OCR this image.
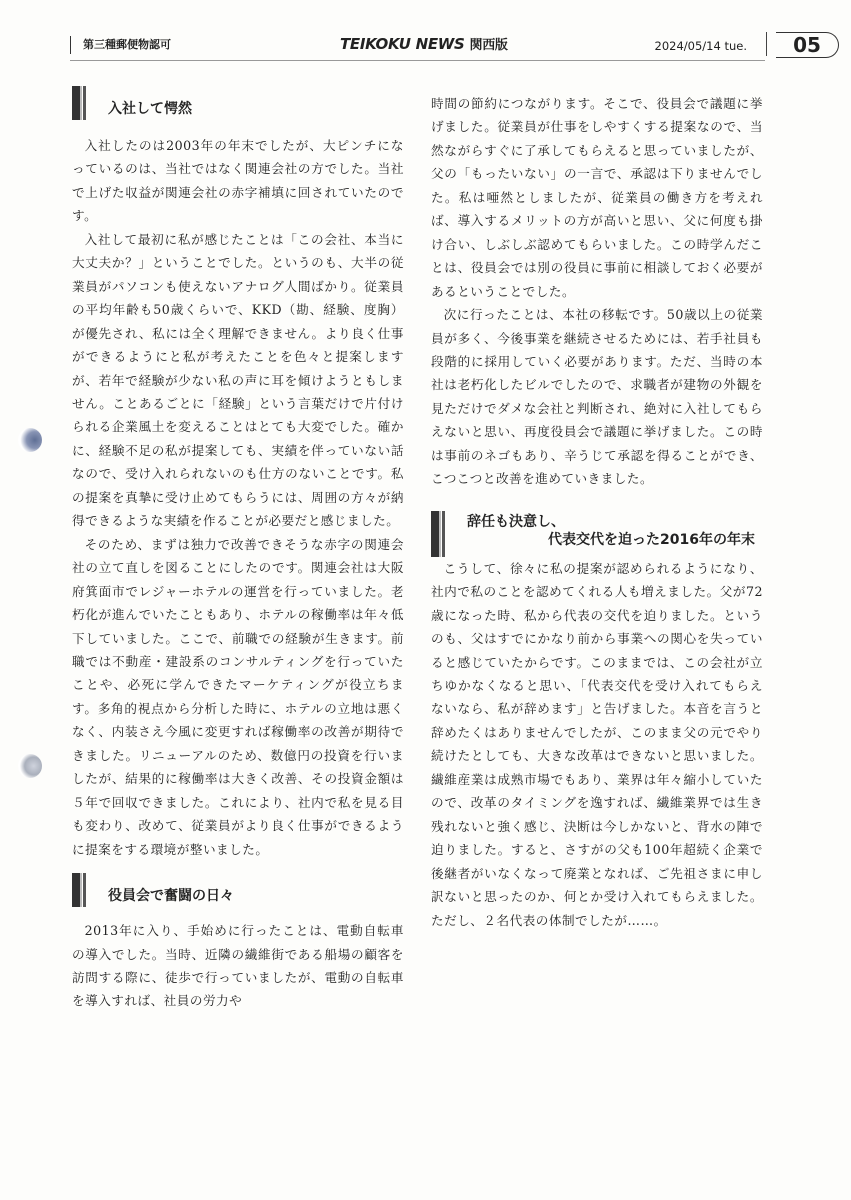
第三種郵便物認可	TEIKOKU NEWS 関西版	2024/05/14 tue.	05
入社して愕然

入社したのは2003年の年末でしたが、大ピンチになっているのは、当社ではなく関連会社の方でした。当社で上げた収益が関連会社の赤字補填に回されていたのです。

入社して最初に私が感じたことは「この会社、本当に大丈夫か？」ということでした。というのも、大半の従業員がパソコンも使えないアナログ人間ばかり。従業員の平均年齢も50歳くらいで、KKD（勘、経験、度胸）が優先され、私には全く理解できません。より良く仕事ができるようにと私が考えたことを色々と提案しますが、若年で経験が少ない私の声に耳を傾けようともしません。ことあるごとに「経験」という言葉だけで片付けられる企業風土を変えることはとても大変でした。確かに、経験不足の私が提案しても、実績を伴っていない話なので、受け入れられないのも仕方のないことです。私の提案を真摯に受け止めてもらうには、周囲の方々が納得できるような実績を作ることが必要だと感じました。

そのため、まずは独力で改善できそうな赤字の関連会社の立て直しを図ることにしたのです。関連会社は大阪府箕面市でレジャーホテルの運営を行っていました。老朽化が進んでいたこともあり、ホテルの稼働率は年々低下していました。ここで、前職での経験が生きます。前職では不動産・建設系のコンサルティングを行っていたことや、必死に学んできたマーケティングが役立ちます。多角的視点から分析した時に、ホテルの立地は悪くなく、内装さえ今風に変更すれば稼働率の改善が期待できました。リニューアルのため、数億円の投資を行いましたが、結果的に稼働率は大きく改善、その投資金額は５年で回収できました。これにより、社内で私を見る目も変わり、改めて、従業員がより良く仕事ができるように提案をする環境が整いました。

役員会で奮闘の日々

2013年に入り、手始めに行ったことは、電動自転車の導入でした。当時、近隣の繊維街である船場の顧客を訪問する際に、徒歩で行っていましたが、電動の自転車を導入すれば、社員の労力や

時間の節約につながります。そこで、役員会で議題に挙げました。従業員が仕事をしやすくする提案なので、当然ながらすぐに了承してもらえると思っていましたが、父の「もったいない」の一言で、承認は下りませんでした。私は唖然としましたが、従業員の働き方を考えれば、導入するメリットの方が高いと思い、父に何度も掛け合い、しぶしぶ認めてもらいました。この時学んだことは、役員会では別の役員に事前に相談しておく必要があるということでした。

次に行ったことは、本社の移転です。50歳以上の従業員が多く、今後事業を継続させるためには、若手社員も段階的に採用していく必要があります。ただ、当時の本社は老朽化したビルでしたので、求職者が建物の外観を見ただけでダメな会社と判断され、絶対に入社してもらえないと思い、再度役員会で議題に挙げました。この時は事前のネゴもあり、辛うじて承認を得ることができ、こつこつと改善を進めていきました。

辞任も決意し、
代表交代を迫った2016年の年末

こうして、徐々に私の提案が認められるようになり、社内で私のことを認めてくれる人も増えました。父が72歳になった時、私から代表の交代を迫りました。というのも、父はすでにかなり前から事業への関心を失っていると感じていたからです。このままでは、この会社が立ちゆかなくなると思い、「代表交代を受け入れてもらえないなら、私が辞めます」と告げました。本音を言うと辞めたくはありませんでしたが、このまま父の元でやり続けたとしても、大きな改革はできないと思いました。繊維産業は成熟市場でもあり、業界は年々縮小していたので、改革のタイミングを逸すれば、繊維業界では生き残れないと強く感じ、決断は今しかないと、背水の陣で迫りました。すると、さすがの父も100年超続く企業で後継者がいなくなって廃業となれば、ご先祖さまに申し訳ないと思ったのか、何とか受け入れてもらえました。ただし、２名代表の体制でしたが……。
